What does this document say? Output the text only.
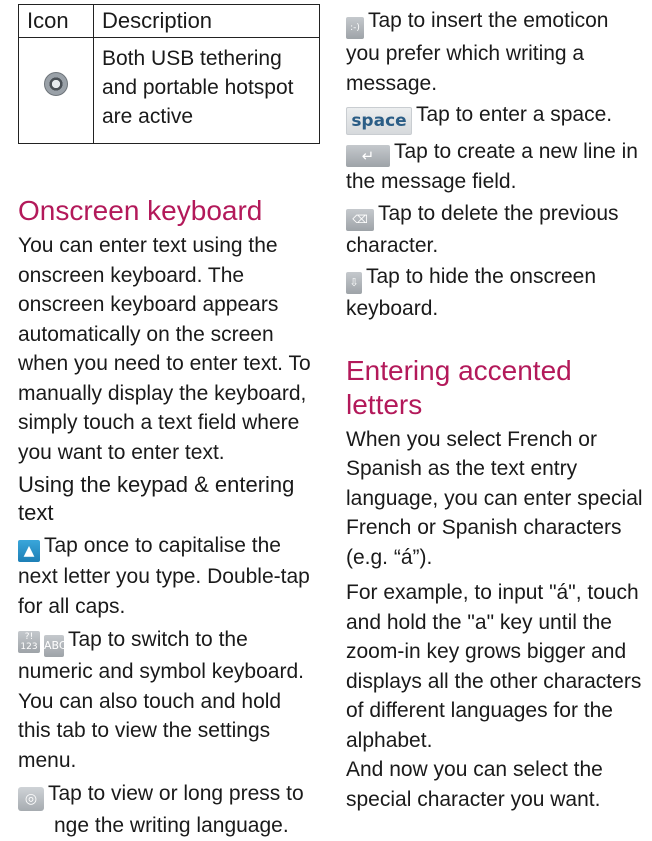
Icon	Description
	Both USB tethering and portable hotspot are active
Onscreen keyboard

You can enter text using the onscreen keyboard. The onscreen keyboard appears automatically on the screen when you need to enter text. To manually display the keyboard, simply touch a text field where you want to enter text.

Using the keypad & entering text

▲ Tap once to capitalise the next letter you type. Double-tap for all caps.

?! 123 ABCTap to switch to the numeric and symbol keyboard. You can also touch and hold this tab to view the settings menu.

◎ Tap to view or long press to
nge the writing language.

:-) Tap to insert the emoticon you prefer which writing a message.

space Tap to enter a space.

↵ Tap to create a new line in the message field.

⌫ Tap to delete the previous character.

⇩ Tap to hide the onscreen keyboard.

Entering accented letters

When you select French or Spanish as the text entry language, you can enter special French or Spanish characters (e.g. “á”).

For example, to input "á", touch and hold the "a" key until the zoom-in key grows bigger and displays all the other characters of different languages for the alphabet.

And now you can select the special character you want.
